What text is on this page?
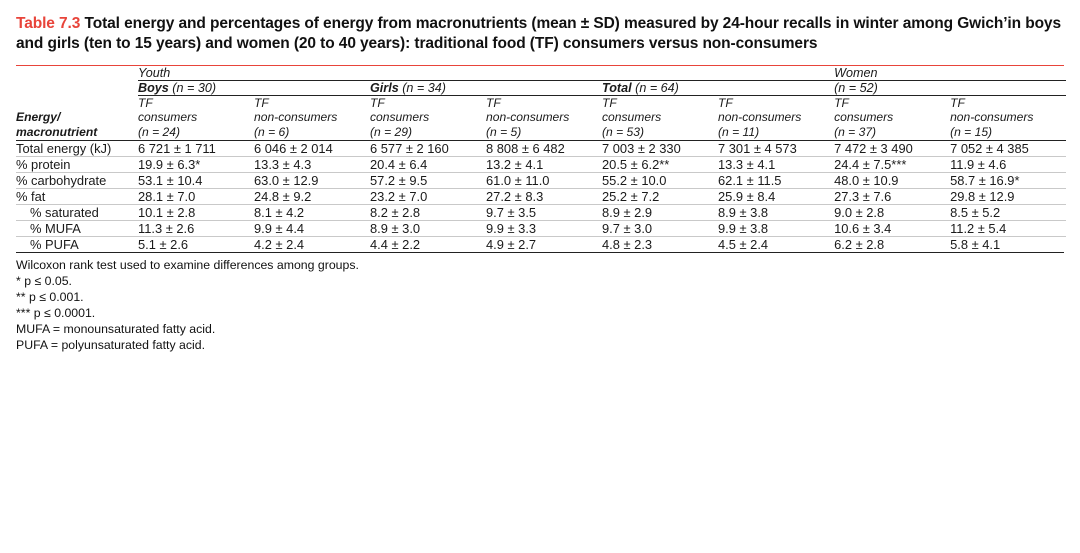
Table 7.3 Total energy and percentages of energy from macronutrients (mean ± SD) measured by 24-hour recalls in winter among Gwich’in boys and girls (ten to 15 years) and women (20 to 40 years): traditional food (TF) consumers versus non-consumers
	Youth						Women	

	Boys (n = 30)		Girls (n = 34)		Total (n = 64)		(n = 52)	

Energy/
macronutrient	TF
consumers
(n = 24)	TF
non-consumers
(n = 6)	TF
consumers
(n = 29)	TF
non-consumers
(n = 5)	TF
consumers
(n = 53)	TF
non-consumers
(n = 11)	TF
consumers
(n = 37)	TF
non-consumers
(n = 15)

Total energy (kJ)	6 721 ± 1 711	6 046 ± 2 014	6 577 ± 2 160	8 808 ± 6 482	7 003 ± 2 330	7 301 ± 4 573	7 472 ± 3 490	7 052 ± 4 385
% protein	19.9 ± 6.3*	13.3 ± 4.3	20.4 ± 6.4	13.2 ± 4.1	20.5 ± 6.2**	13.3 ± 4.1	24.4 ± 7.5***	11.9 ± 4.6
% carbohydrate	53.1 ± 10.4	63.0 ± 12.9	57.2 ± 9.5	61.0 ± 11.0	55.2 ± 10.0	62.1 ± 11.5	48.0 ± 10.9	58.7 ± 16.9*
% fat	28.1 ± 7.0	24.8 ± 9.2	23.2 ± 7.0	27.2 ± 8.3	25.2 ± 7.2	25.9 ± 8.4	27.3 ± 7.6	29.8 ± 12.9
% saturated	10.1 ± 2.8	8.1 ± 4.2	8.2 ± 2.8	9.7 ± 3.5	8.9 ± 2.9	8.9 ± 3.8	9.0 ± 2.8	8.5 ± 5.2
% MUFA	11.3 ± 2.6	9.9 ± 4.4	8.9 ± 3.0	9.9 ± 3.3	9.7 ± 3.0	9.9 ± 3.8	10.6 ± 3.4	11.2 ± 5.4
% PUFA	5.1 ± 2.6	4.2 ± 2.4	4.4 ± 2.2	4.9 ± 2.7	4.8 ± 2.3	4.5 ± 2.4	6.2 ± 2.8	5.8 ± 4.1
Wilcoxon rank test used to examine differences among groups.
* p ≤ 0.05.
** p ≤ 0.001.
*** p ≤ 0.0001.
MUFA = monounsaturated fatty acid.
PUFA = polyunsaturated fatty acid.
